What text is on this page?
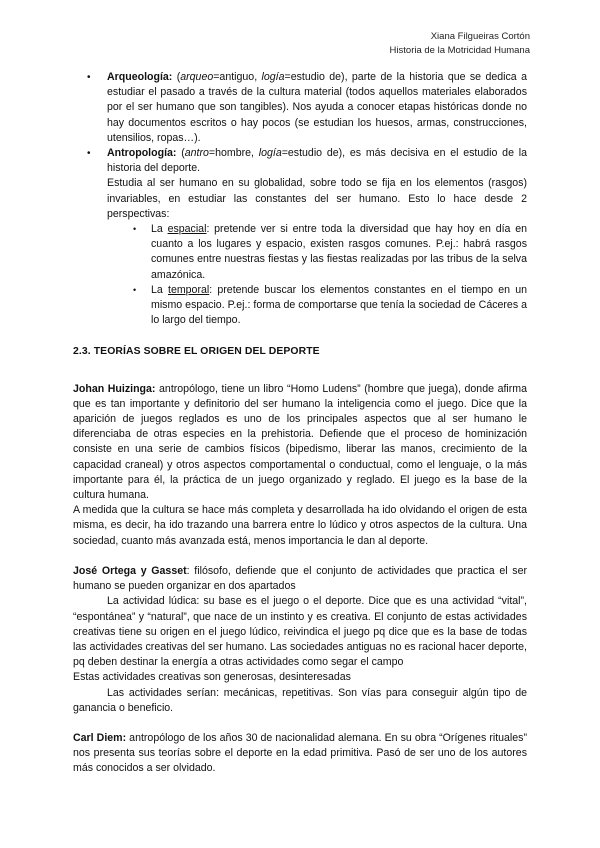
Xiana Filgueiras Cortón
Historia de la Motricidad Humana
• Arqueología: (arqueo=antiguo, logía=estudio de), parte de la historia que se dedica a estudiar el pasado a través de la cultura material (todos aquellos materiales elaborados por el ser humano que son tangibles). Nos ayuda a conocer etapas históricas donde no hay documentos escritos o hay pocos (se estudian los huesos, armas, construcciones, utensilios, ropas…).
• Antropología: (antro=hombre, logía=estudio de), es más decisiva en el estudio de la historia del deporte.
Estudia al ser humano en su globalidad, sobre todo se fija en los elementos (rasgos) invariables, en estudiar las constantes del ser humano. Esto lo hace desde 2 perspectivas:
• La espacial: pretende ver si entre toda la diversidad que hay hoy en día en cuanto a los lugares y espacio, existen rasgos comunes. P.ej.: habrá rasgos comunes entre nuestras fiestas y las fiestas realizadas por las tribus de la selva amazónica.
• La temporal: pretende buscar los elementos constantes en el tiempo en un mismo espacio. P.ej.: forma de comportarse que tenía la sociedad de Cáceres a lo largo del tiempo.
2.3. TEORÍAS SOBRE EL ORIGEN DEL DEPORTE
Johan Huizinga: antropólogo, tiene un libro “Homo Ludens” (hombre que juega), donde afirma que es tan importante y definitorio del ser humano la inteligencia como el juego. Dice que la aparición de juegos reglados es uno de los principales aspectos que al ser humano le diferenciaba de otras especies en la prehistoria. Defiende que el proceso de hominización consiste en una serie de cambios físicos (bipedismo, liberar las manos, crecimiento de la capacidad craneal) y otros aspectos comportamental o conductual, como el lenguaje, o la más importante para él, la práctica de un juego organizado y reglado. El juego es la base de la cultura humana.
A medida que la cultura se hace más completa y desarrollada ha ido olvidando el origen de esta misma, es decir, ha ido trazando una barrera entre lo lúdico y otros aspectos de la cultura. Una sociedad, cuanto más avanzada está, menos importancia le dan al deporte.
José Ortega y Gasset: filósofo, defiende que el conjunto de actividades que practica el ser humano se pueden organizar en dos apartados
La actividad lúdica: su base es el juego o el deporte. Dice que es una actividad “vital”, “espontánea” y “natural”, que nace de un instinto y es creativa. El conjunto de estas actividades creativas tiene su origen en el juego lúdico, reivindica el juego pq dice que es la base de todas las actividades creativas del ser humano. Las sociedades antiguas no es racional hacer deporte, pq deben destinar la energía a otras actividades como segar el campo
Estas actividades creativas son generosas, desinteresadas
Las actividades serían: mecánicas, repetitivas. Son vías para conseguir algún tipo de ganancia o beneficio.
Carl Diem: antropólogo de los años 30 de nacionalidad alemana. En su obra “Orígenes rituales” nos presenta sus teorías sobre el deporte en la edad primitiva. Pasó de ser uno de los autores más conocidos a ser olvidado.
